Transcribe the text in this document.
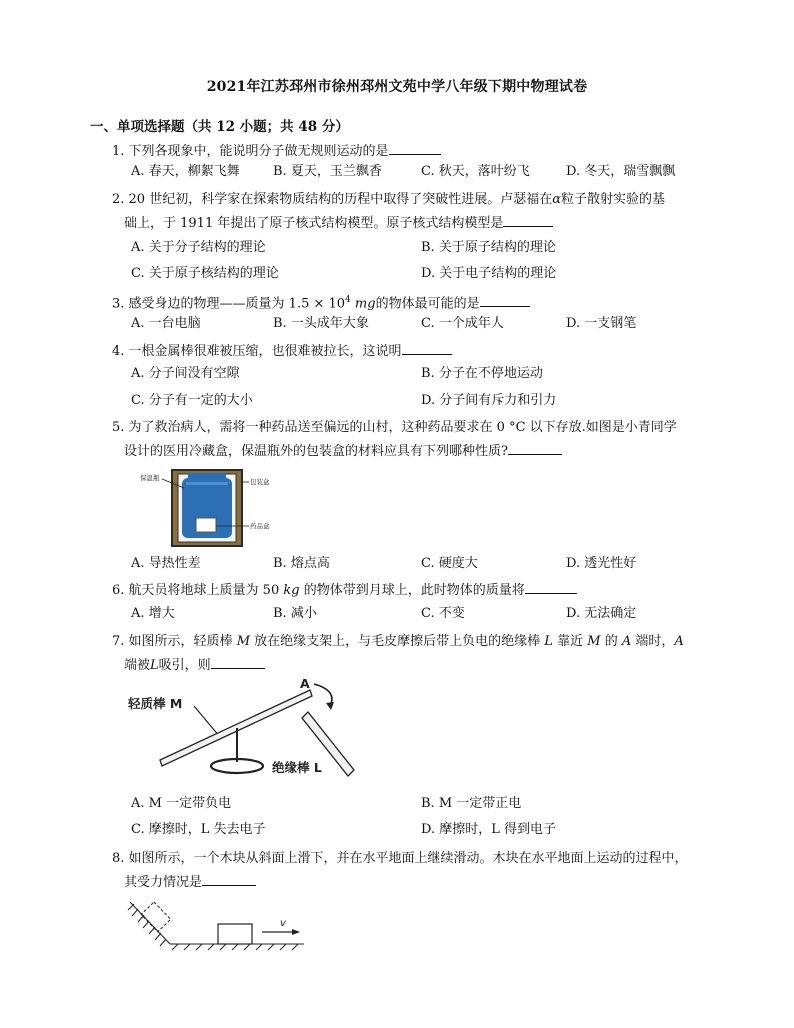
2021年江苏邳州市徐州邳州文苑中学八年级下期中物理试卷
一、单项选择题（共 12 小题；共 48 分）
1. 下列各现象中，能说明分子做无规则运动的是
A. 春天，柳絮飞舞	B. 夏天，玉兰飘香	C. 秋天，落叶纷飞	D. 冬天，瑞雪飘飘
2. 20 世纪初，科学家在探索物质结构的历程中取得了突破性进展。卢瑟福在α粒子散射实验的基
础上，于 1911 年提出了原子核式结构模型。原子核式结构模型是
A. 关于分子结构的理论	B. 关于原子结构的理论
C. 关于原子核结构的理论	D. 关于电子结构的理论
3. 感受身边的物理——质量为 $1.5 \times 10^4$ mg的物体最可能的是
A. 一台电脑	B. 一头成年大象	C. 一个成年人	D. 一支钢笔
4. 一根金属棒很难被压缩，也很难被拉长，这说明
A. 分子间没有空隙	B. 分子在不停地运动
C. 分子有一定的大小	D. 分子间有斥力和引力
5. 为了救治病人，需将一种药品送至偏远的山村，这种药品要求在 0 °C 以下存放.如图是小青同学
设计的医用冷藏盒，保温瓶外的包装盒的材料应具有下列哪种性质?
保温瓶	包装盒
药品盒
A. 导热性差	B. 熔点高	C. 硬度大	D. 透光性好
6. 航天员将地球上质量为 50 kg 的物体带到月球上，此时物体的质量将
A. 增大	B. 减小	C. 不变	D. 无法确定
7. 如图所示，轻质棒 M 放在绝缘支架上，与毛皮摩擦后带上负电的绝缘棒 L 靠近 M 的 A 端时，A
端被L吸引，则
轻质棒 M
A
绝缘棒 L
A. M 一定带负电	B. M 一定带正电
C. 摩擦时，L 失去电子	D. 摩擦时，L 得到电子
8. 如图所示，一个木块从斜面上滑下，并在水平地面上继续滑动。木块在水平地面上运动的过程中，
其受力情况是
v
